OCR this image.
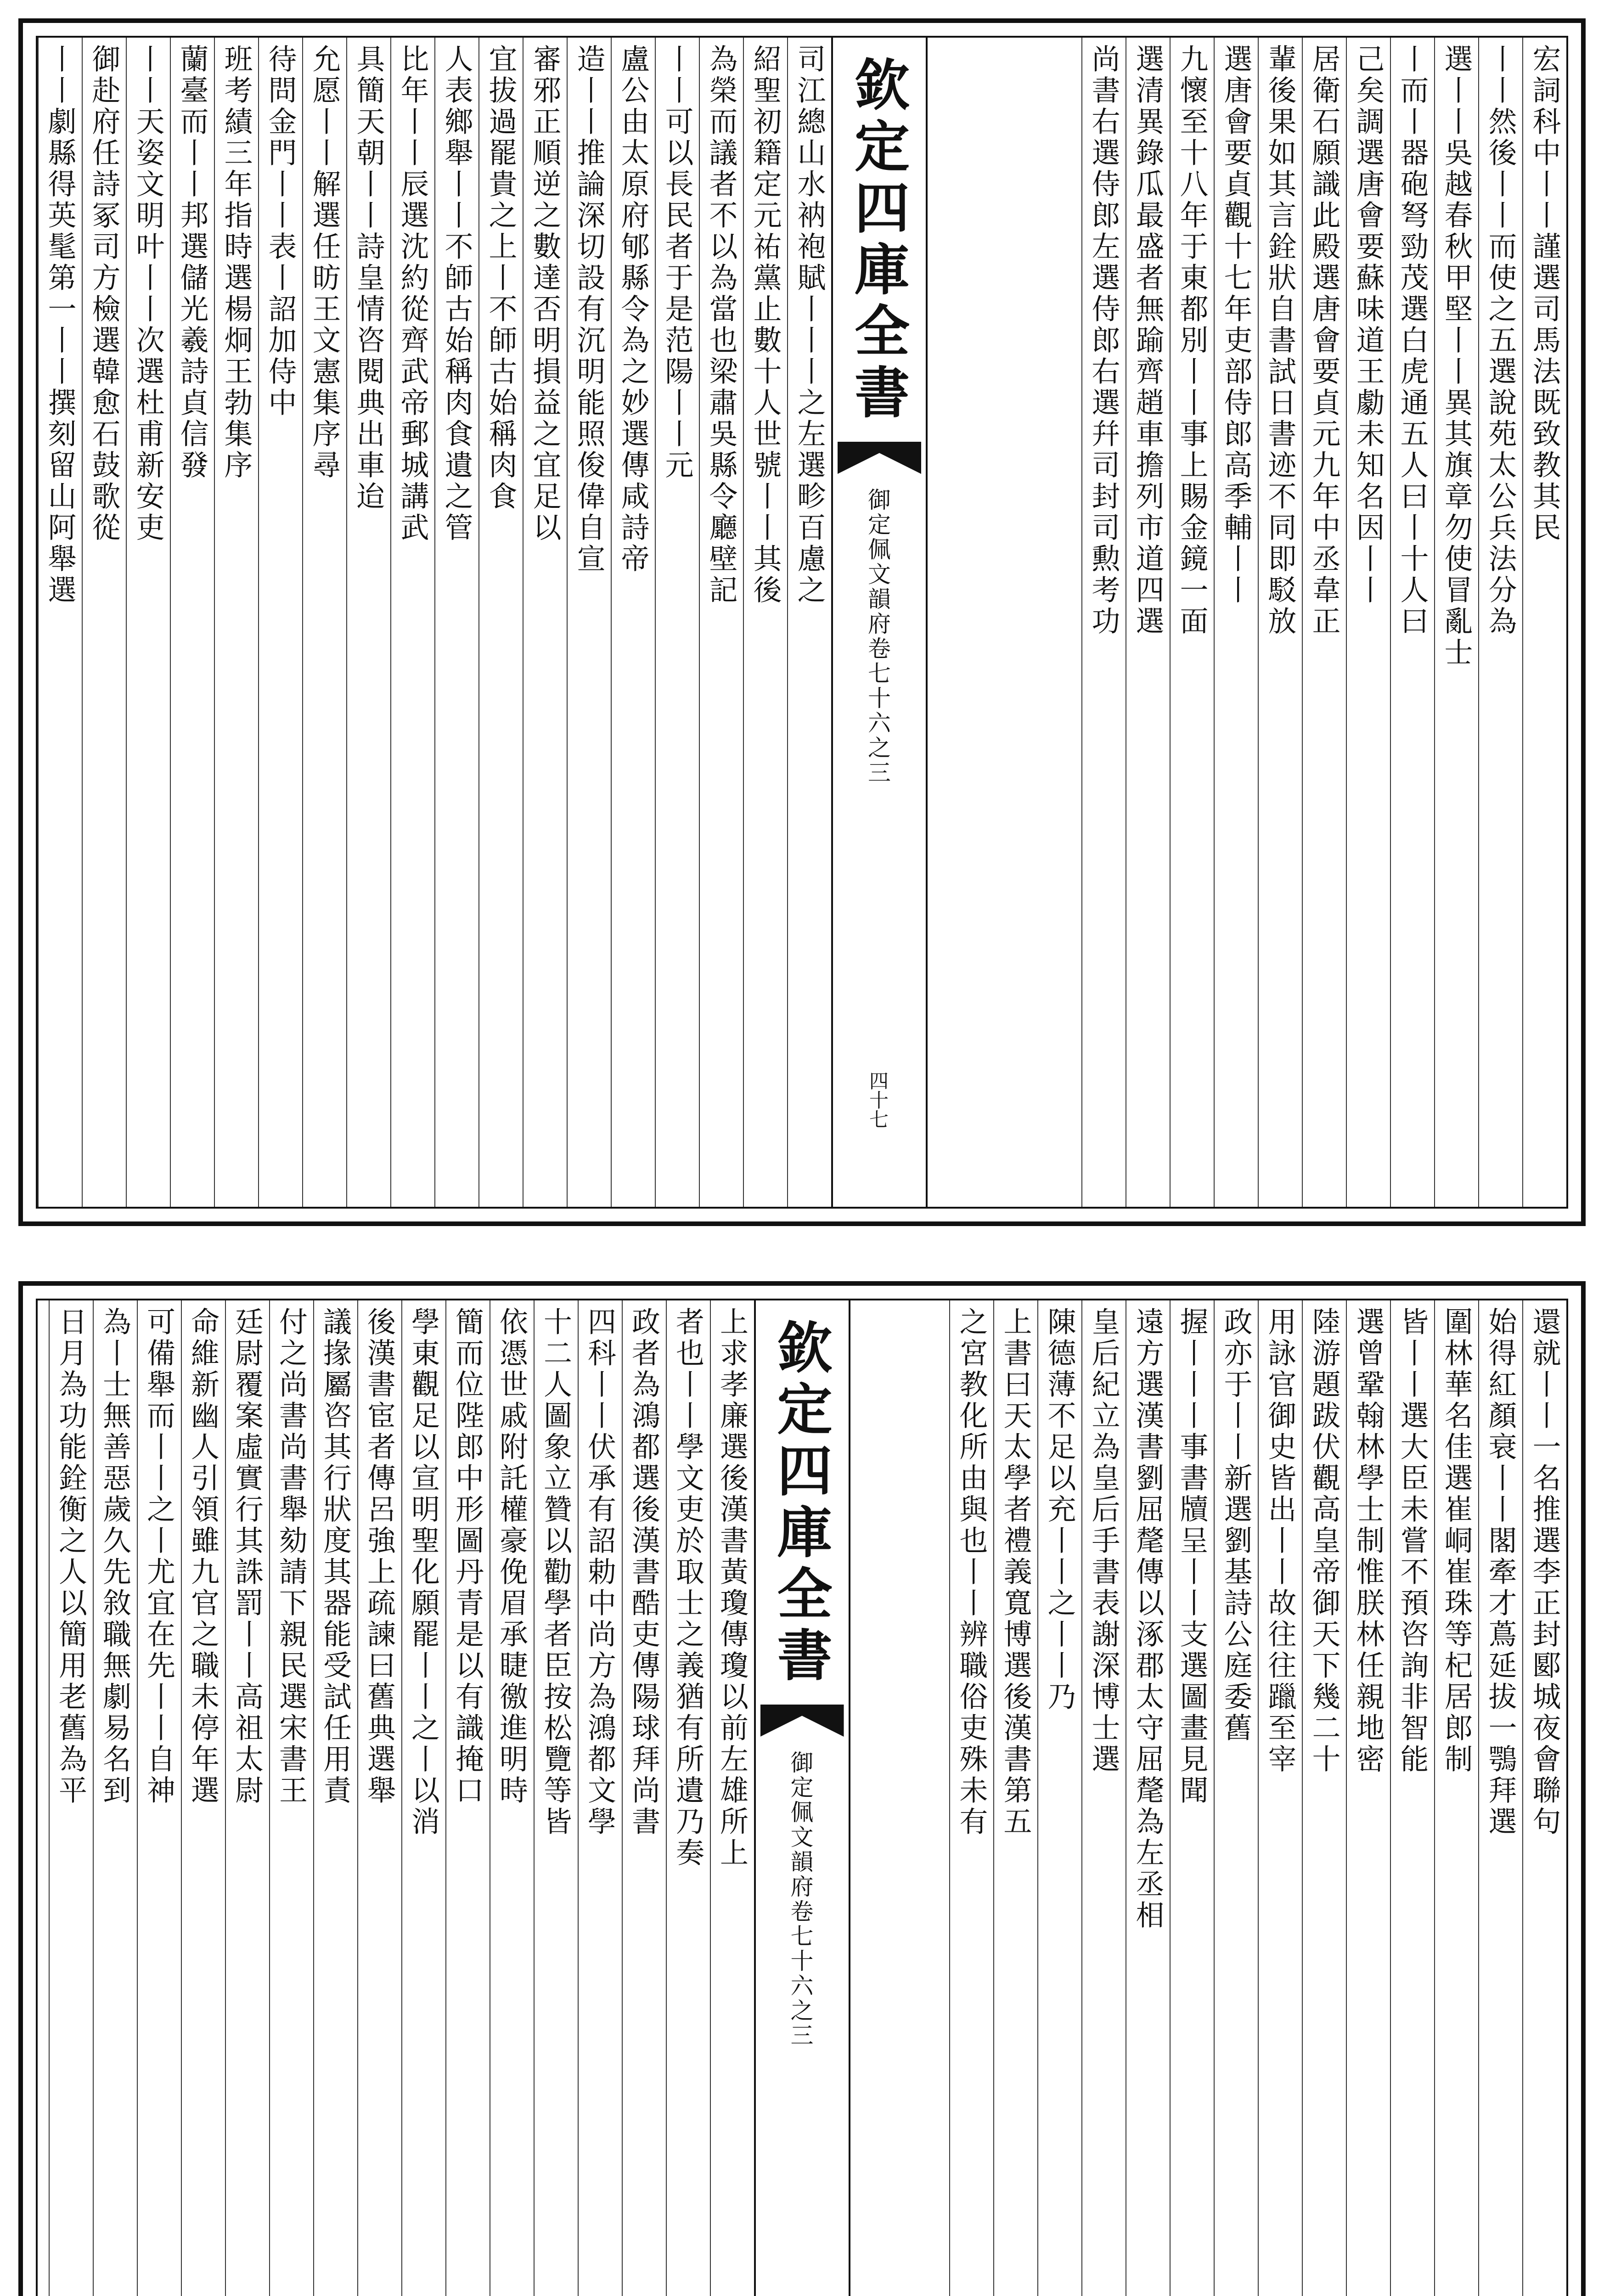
宏詞科中丨丨謹選司馬法既致教其民
丨丨然後丨丨而使之五選說苑太公兵法分為
選丨丨吳越春秋甲堅丨丨異其旗章勿使冒亂士
丨而丨器砲弩勁茂選白虎通五人曰丨十人曰
己矣調選唐會要蘇味道王勮未知名因丨丨
居衛石願識此殿選唐會要貞元九年中丞韋正
輩後果如其言銓狀自書試日書迹不同即駁放
選唐會要貞觀十七年吏部侍郎高季輔丨丨
九懷至十八年于東都別丨丨事上賜金鏡一面
選清異錄瓜最盛者無踰齊趙車擔列市道四選
尚書右選侍郎左選侍郎右選幷司封司勲考功
欽定四庫全書
御定佩文韻府卷七十六之三
四十七
司江總山水衲袍賦丨丨丨之左選畛百慮之
紹聖初籍定元祐黨止數十人世號丨丨其後
為榮而議者不以為當也梁肅吳縣令廳壁記
丨丨可以長民者于是范陽丨丨元
盧公由太原府郇縣令為之妙選傳咸詩帝
造丨丨推論深切設有沉明能照俊偉自宣
審邪正順逆之數達否明損益之宜足以
宜拔過罷貴之上丨不師古始稱肉食
人表鄉舉丨丨不師古始稱肉食遺之管
比年丨丨辰選沈約從齊武帝郵城講武
具簡天朝丨丨詩皇情咨閱典出車迨
允愿丨丨解選任昉王文憲集序尋
待問金門丨丨表丨詔加侍中
班考績三年指時選楊炯王勃集序
蘭臺而丨丨邦選儲光羲詩貞信發
丨丨天姿文明叶丨丨次選杜甫新安吏
御赴府任詩冢司方檢選韓愈石鼓歌從
丨丨劇縣得英髦第一丨丨撰刻留山阿舉選
還就丨丨一名推選李正封郾城夜會聯句
始得紅顏衰丨丨閣牽才蔦延拔一鶚拜選
圍林華名佳選崔峒崔珠等杞居郎制
皆丨丨選大臣未嘗不預咨詢非智能
選曾鞏翰林學士制惟朕林任親地密
陸游題跋伏觀高皇帝御天下幾二十
用詠官御史皆出丨丨故往往躐至宰
政亦于丨丨新選劉基詩公庭委舊
握丨丨丨事書牘呈丨丨支選圖畫見聞
遠方選漢書劉屈氂傳以涿郡太守屈氂為左丞相
皇后紀立為皇后手書表謝深博士選
陳德薄不足以充丨丨之丨丨乃
上書曰天太學者禮義寬博選後漢書第五
之宮教化所由與也丨丨辨職俗吏殊未有
欽定四庫全書
御定佩文韻府卷七十六之三
上求孝廉選後漢書黃瓊傳瓊以前左雄所上
者也丨丨學文吏於取士之義猶有所遺乃奏
政者為鴻都選後漢書酷吏傳陽球拜尚書
四科丨丨伏承有詔勅中尚方為鴻都文學
十二人圖象立贊以勸學者臣按松覽等皆
依憑世戚附託權豪俛眉承睫徼進明時
簡而位陛郎中形圖丹青是以有識掩口
學東觀足以宣明聖化願罷丨丨之丨以消
後漢書宦者傳呂強上疏諫曰舊典選舉
議掾屬咨其行狀度其器能受試任用責
付之尚書尚書舉劾請下親民選宋書王
廷尉覆案虛實行其誅罰丨丨高祖太尉
命維新幽人引領雖九官之職未停年選
可備舉而丨丨之丨尤宜在先丨丨自神
為丨士無善惡歲久先敘職無劇易名到
日月為功能銓衡之人以簡用老舊為平
